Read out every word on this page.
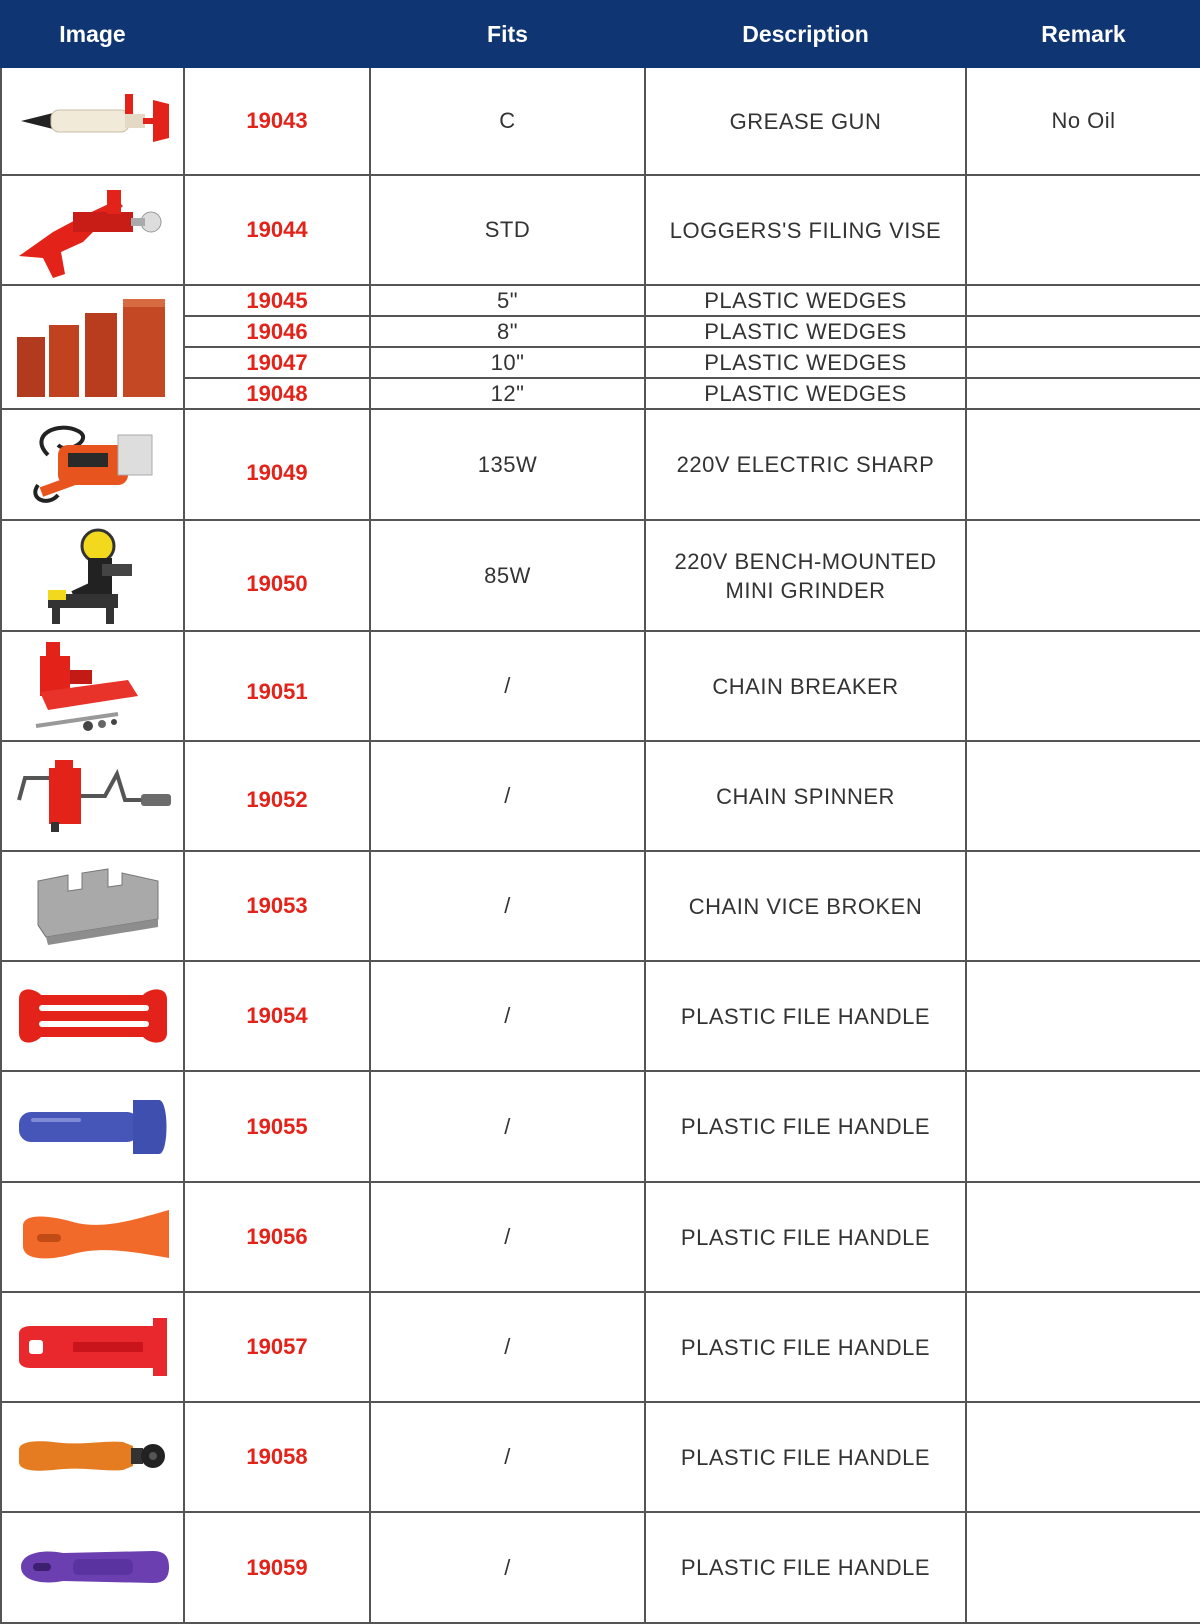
Image		Fits	Description	Remark

	19043	C	GREASE GUN	No Oil

	19044	STD	LOGGERS'S FILING VISE	

	19045	5"	PLASTIC WEDGES	
	19046	8"	PLASTIC WEDGES	
	19047	10"	PLASTIC WEDGES	
	19048	12"	PLASTIC WEDGES	

	19049	135W	220V ELECTRIC SHARP	

	19050	85W	220V BENCH-MOUNTED
MINI GRINDER	

	19051	/	CHAIN BREAKER	

	19052	/	CHAIN SPINNER	

	19053	/	CHAIN VICE BROKEN	

	19054	/	PLASTIC FILE HANDLE	

	19055	/	PLASTIC FILE HANDLE	

	19056	/	PLASTIC FILE HANDLE	

	19057	/	PLASTIC FILE HANDLE	

	19058	/	PLASTIC FILE HANDLE	

	19059	/	PLASTIC FILE HANDLE	
